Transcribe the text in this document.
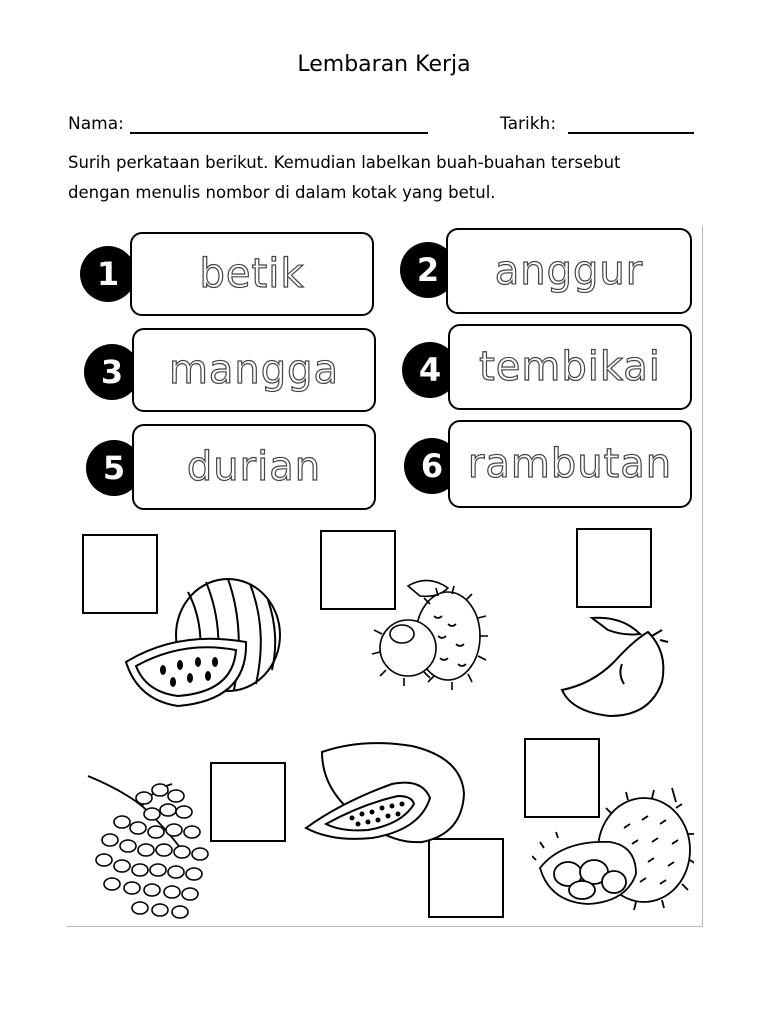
Lembaran Kerja
Nama:	Tarikh:
Surih perkataan berikut. Kemudian labelkan buah-buahan tersebut
dengan menulis nombor di dalam kotak yang betul.
1	betik	2	anggur
3	mangga	4 tembikai
5	durian	6 rambutan
